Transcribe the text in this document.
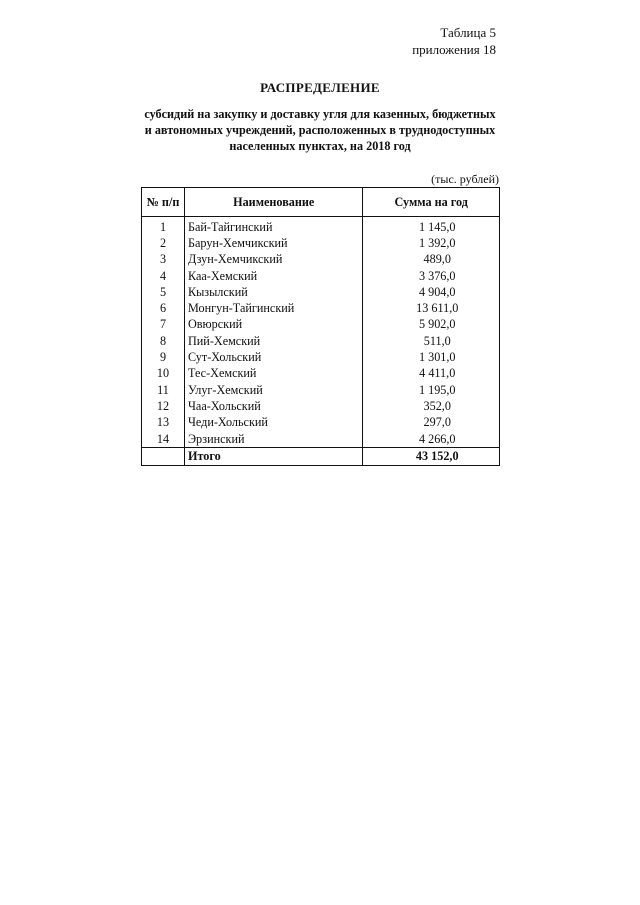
Таблица 5
приложения 18
РАСПРЕДЕЛЕНИЕ
субсидий на закупку и доставку угля для казенных, бюджетных
и автономных учреждений, расположенных в труднодоступных
населенных пунктах, на 2018 год
(тыс. рублей)
№ п/п	Наименование	Сумма на год
1	Бай-Тайгинский	1 145,0
2	Барун-Хемчикский	1 392,0
3	Дзун-Хемчикский	489,0
4	Каа-Хемский	3 376,0
5	Кызылский	4 904,0
6	Монгун-Тайгинский	13 611,0
7	Овюрский	5 902,0
8	Пий-Хемский	511,0
9	Сут-Хольский	1 301,0
10	Тес-Хемский	4 411,0
11	Улуг-Хемский	1 195,0
12	Чаа-Хольский	352,0
13	Чеди-Хольский	297,0
14	Эрзинский	4 266,0
	Итого	43 152,0
